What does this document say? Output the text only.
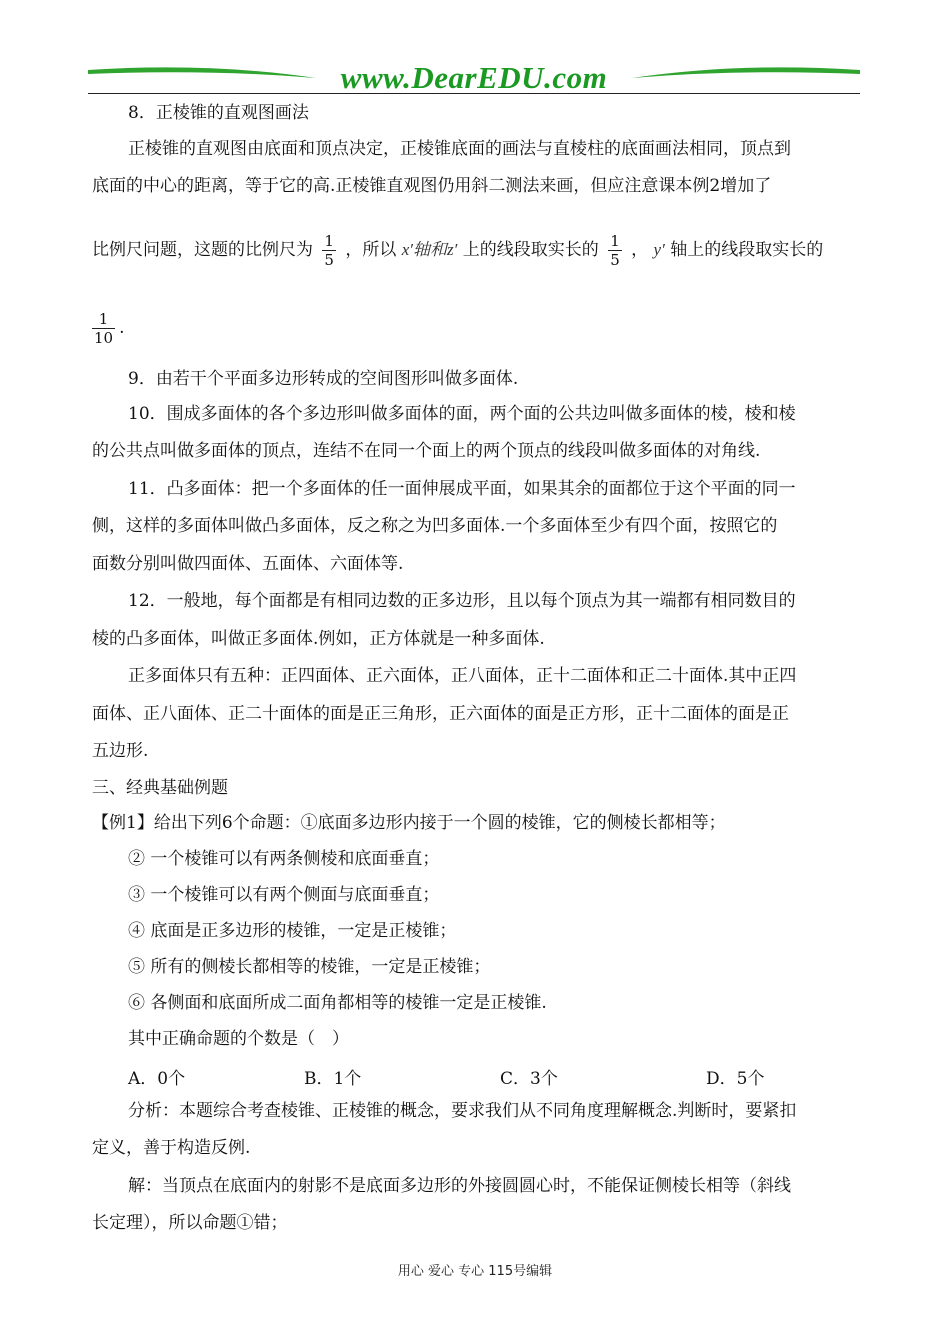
www.DearEDU.com
8．正棱锥的直观图画法
正棱锥的直观图由底面和顶点决定，正棱锥底面的画法与直棱柱的底面画法相同，顶点到
底面的中心的距离，等于它的高.正棱锥直观图仍用斜二测法来画，但应注意课本例2增加了
比例尺问题，这题的比例尺为 $\frac{1}{5}$ ，所以 x′轴和z′ 上的线段取实长的 $\frac{1}{5}$ ， y′ 轴上的线段取实长的
$\frac{1}{10}$ .
9．由若干个平面多边形转成的空间图形叫做多面体.
10．围成多面体的各个多边形叫做多面体的面，两个面的公共边叫做多面体的棱，棱和棱
的公共点叫做多面体的顶点，连结不在同一个面上的两个顶点的线段叫做多面体的对角线.
11．凸多面体：把一个多面体的任一面伸展成平面，如果其余的面都位于这个平面的同一
侧，这样的多面体叫做凸多面体，反之称之为凹多面体.一个多面体至少有四个面，按照它的
面数分别叫做四面体、五面体、六面体等.
12．一般地，每个面都是有相同边数的正多边形，且以每个顶点为其一端都有相同数目的
棱的凸多面体，叫做正多面体.例如，正方体就是一种多面体.
正多面体只有五种：正四面体、正六面体，正八面体，正十二面体和正二十面体.其中正四
面体、正八面体、正二十面体的面是正三角形，正六面体的面是正方形，正十二面体的面是正
五边形.
三、经典基础例题
【例1】给出下列6个命题：①底面多边形内接于一个圆的棱锥，它的侧棱长都相等；
② 一个棱锥可以有两条侧棱和底面垂直；
③ 一个棱锥可以有两个侧面与底面垂直；
④ 底面是正多边形的棱锥，一定是正棱锥；
⑤ 所有的侧棱长都相等的棱锥，一定是正棱锥；
⑥ 各侧面和底面所成二面角都相等的棱锥一定是正棱锥.
其中正确命题的个数是（　）
A．0个	B．1个	C．3个	D．5个
分析：本题综合考查棱锥、正棱锥的概念，要求我们从不同角度理解概念.判断时，要紧扣
定义，善于构造反例.
解：当顶点在底面内的射影不是底面多边形的外接圆圆心时，不能保证侧棱长相等（斜线
长定理），所以命题①错；
用心 爱心 专心 115号编辑
